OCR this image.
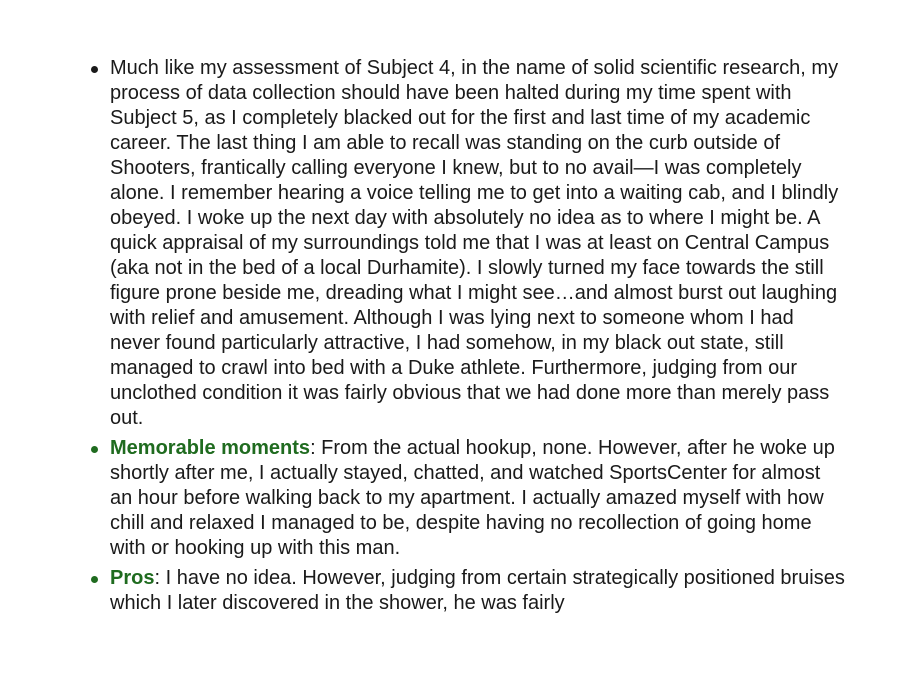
Much like my assessment of Subject 4, in the name of solid scientific research, my process of data collection should have been halted during my time spent with Subject 5, as I completely blacked out for the first and last time of my academic career. The last thing I am able to recall was standing on the curb outside of Shooters, frantically calling everyone I knew, but to no avail—I was completely alone. I remember hearing a voice telling me to get into a waiting cab, and I blindly obeyed. I woke up the next day with absolutely no idea as to where I might be. A quick appraisal of my surroundings told me that I was at least on Central Campus (aka not in the bed of a local Durhamite). I slowly turned my face towards the still figure prone beside me, dreading what I might see…and almost burst out laughing with relief and amusement. Although I was lying next to someone whom I had never found particularly attractive, I had somehow, in my black out state, still managed to crawl into bed with a Duke athlete. Furthermore, judging from our unclothed condition it was fairly obvious that we had done more than merely pass out.
Memorable moments: From the actual hookup, none. However, after he woke up shortly after me, I actually stayed, chatted, and watched SportsCenter for almost an hour before walking back to my apartment. I actually amazed myself with how chill and relaxed I managed to be, despite having no recollection of going home with or hooking up with this man.
Pros: I have no idea. However, judging from certain strategically positioned bruises which I later discovered in the shower, he was fairly
